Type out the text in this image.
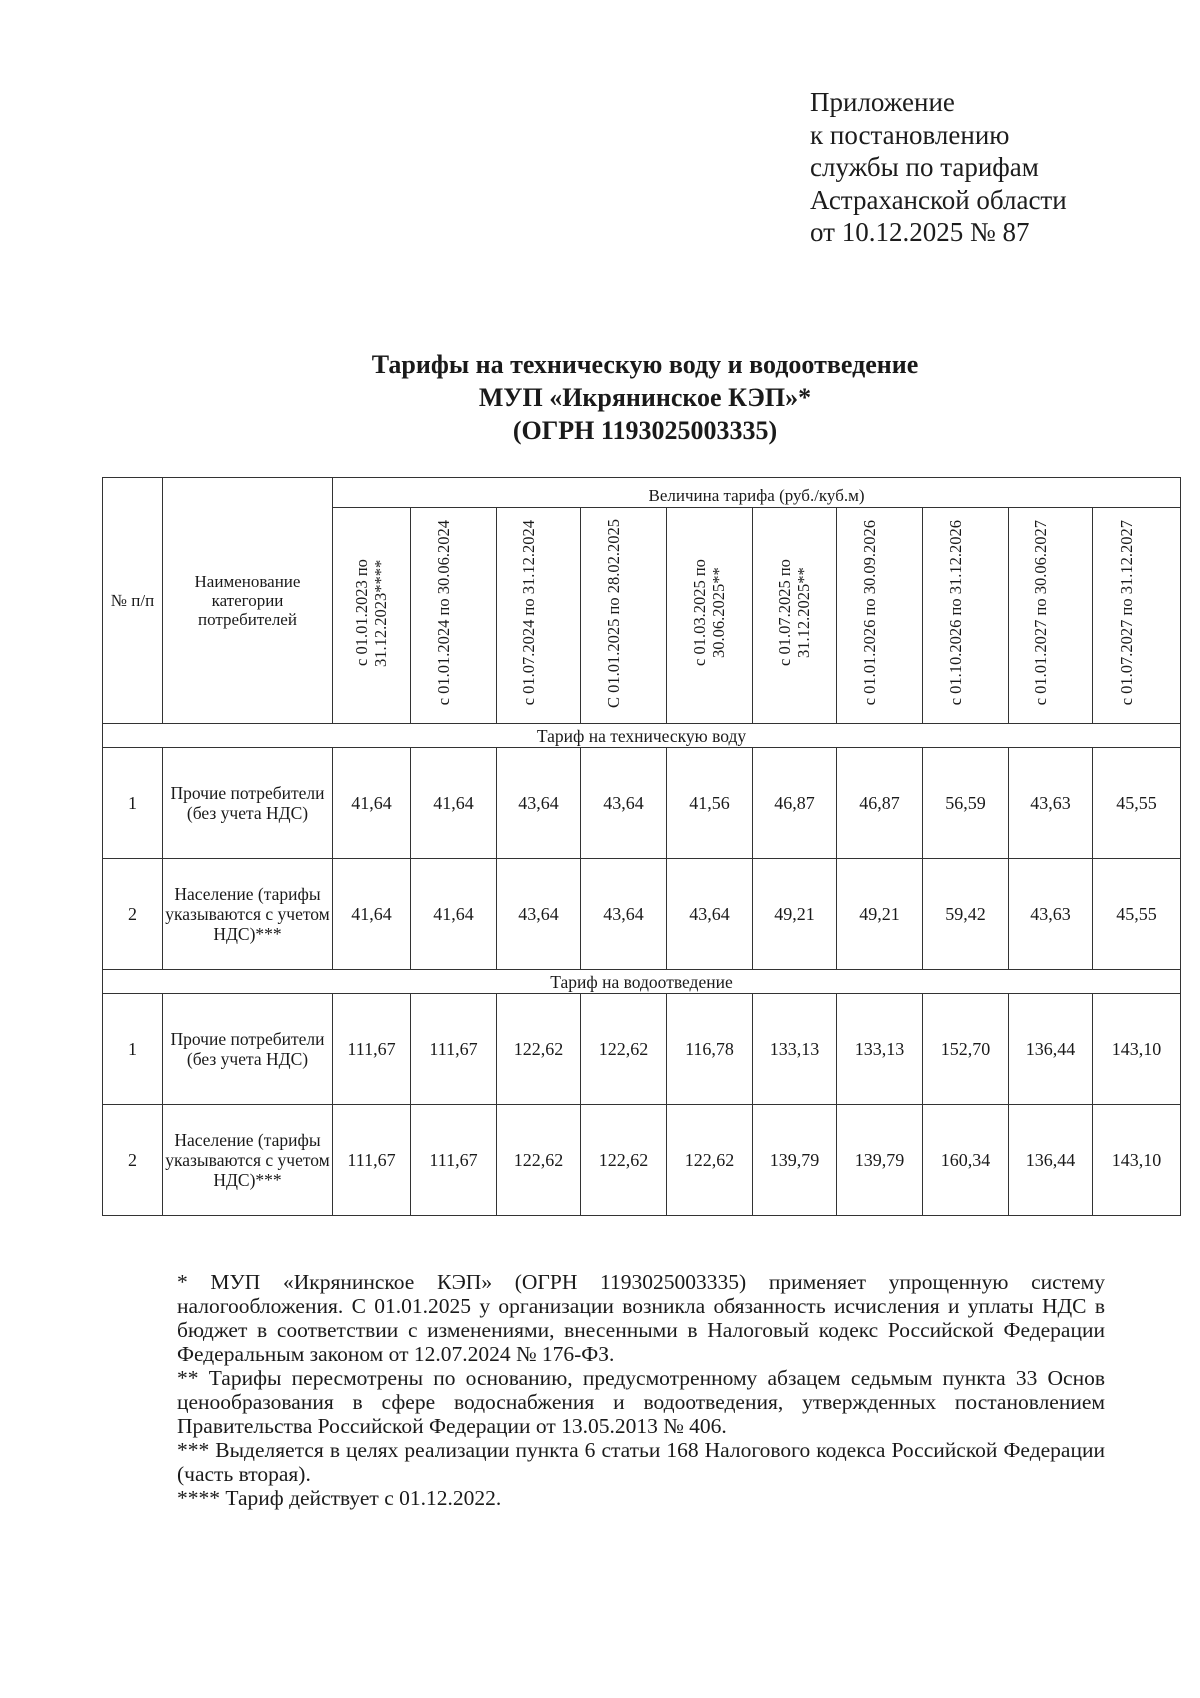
Приложение
к постановлению
службы по тарифам
Астраханской области
от 10.12.2025 № 87
Тарифы на техническую воду и водоотведение
МУП «Икрянинское КЭП»*
(ОГРН 1193025003335)
№ п/п	Наименование категории потребителей	Величина тарифа (руб./куб.м)									
		с 01.01.2023 по 31.12.2023****	с 01.01.2024 по 30.06.2024	с 01.07.2024 по 31.12.2024	С 01.01.2025 по 28.02.2025	с 01.03.2025 по 30.06.2025**	с 01.07.2025 по 31.12.2025**	с 01.01.2026 по 30.09.2026	с 01.10.2026 по 31.12.2026	с 01.01.2027 по 30.06.2027	с 01.07.2027 по 31.12.2027
Тариф на техническую воду											
1	Прочие потребители (без учета НДС)	41,64	41,64	43,64	43,64	41,56	46,87	46,87	56,59	43,63	45,55
2	Население (тарифы указываются с учетом НДС)***	41,64	41,64	43,64	43,64	43,64	49,21	49,21	59,42	43,63	45,55
Тариф на водоотведение											
1	Прочие потребители (без учета НДС)	111,67	111,67	122,62	122,62	116,78	133,13	133,13	152,70	136,44	143,10
2	Население (тарифы указываются с учетом НДС)***	111,67	111,67	122,62	122,62	122,62	139,79	139,79	160,34	136,44	143,10

* МУП «Икрянинское КЭП» (ОГРН 1193025003335) применяет упрощенную систему налогообложения. С 01.01.2025 у организации возникла обязанность исчисления и уплаты НДС в бюджет в соответствии с изменениями, внесенными в Налоговый кодекс Российской Федерации Федеральным законом от 12.07.2024 № 176-ФЗ.

** Тарифы пересмотрены по основанию, предусмотренному абзацем седьмым пункта 33 Основ ценообразования в сфере водоснабжения и водоотведения, утвержденных постановлением Правительства Российской Федерации от 13.05.2013 № 406.

*** Выделяется в целях реализации пункта 6 статьи 168 Налогового кодекса Российской Федерации (часть вторая).

**** Тариф действует с 01.12.2022.
